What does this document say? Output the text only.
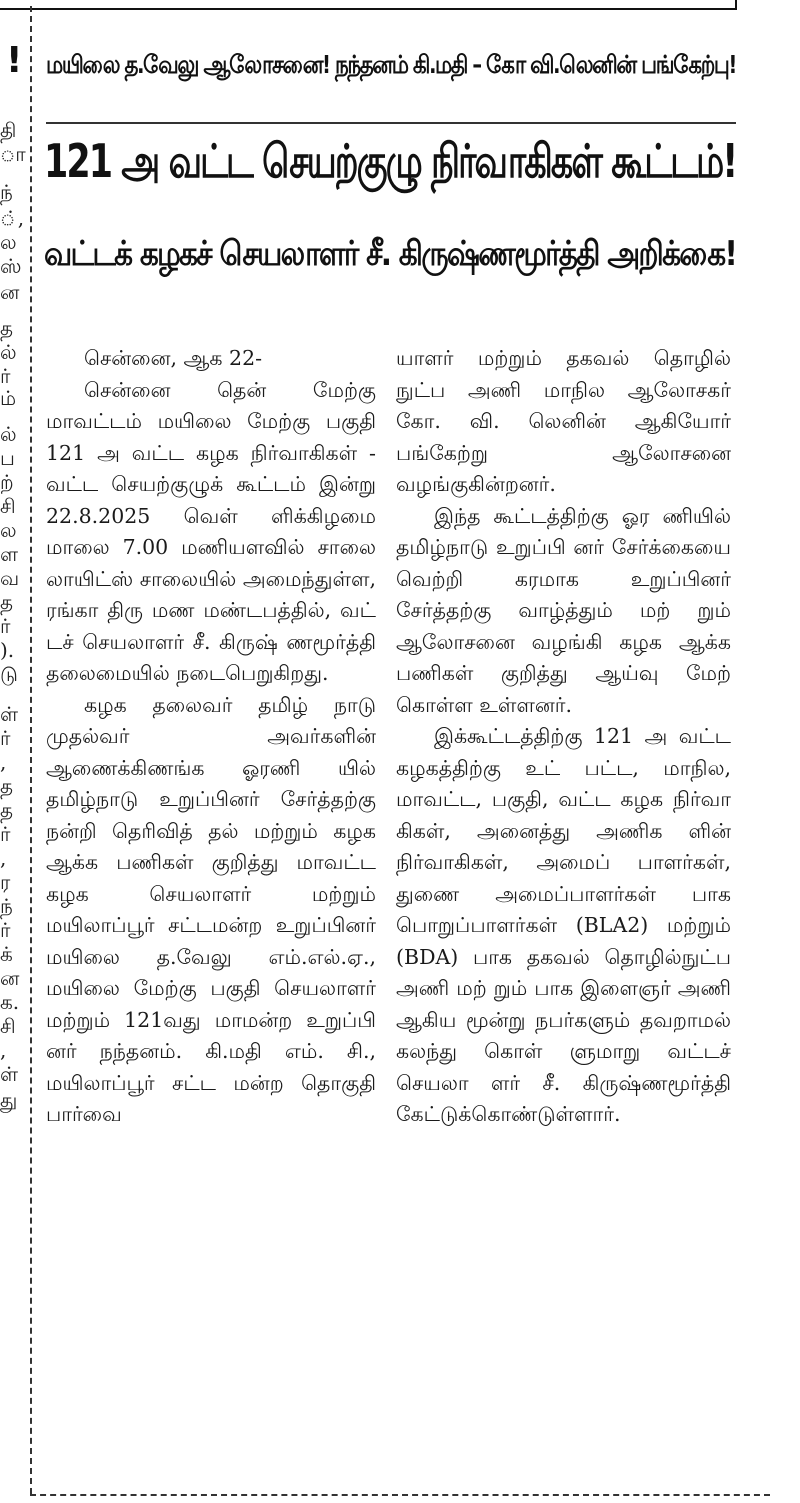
!
தி
ா
ந்
்,
ல
ஸ்
ன
த
ல்
ர்
ம்
ல்
ப
ற்
சி
ல
ள
வ
த
ர்
).
டு
ள்
ர்
,
த
த
ர்
,
ர
ந்
ர்
க்
ன
க.
சி
,
ள்
து
மயிலை த.வேலு ஆலோசனை! நந்தனம் கி.மதி – கோ வி.லெனின் பங்கேற்பு!
121 அ வட்ட செயற்குழு நிர்வாகிகள் கூட்டம்!
வட்டக் கழகச் செயலாளர் சீ. கிருஷ்ணமூர்த்தி அறிக்கை!

சென்னை, ஆக 22-

சென்னை தென் மேற்கு மாவட்டம் மயிலை மேற்கு பகுதி 121 அ வட்ட கழக நிர்வாகிகள் - வட்ட செயற்குழுக் கூட்டம் இன்று 22.8.2025 வெள் ளிக்கிழமை மாலை 7.00 மணியளவில் சாலை லாயிட்ஸ் சாலையில் அமைந்துள்ள, ரங்கா திரு மண மண்டபத்தில், வட் டச் செயலாளர் சீ. கிருஷ் ணமூர்த்தி தலைமையில் நடைபெறுகிறது.

கழக தலைவர் தமிழ் நாடு முதல்வர் அவர்களின் ஆணைக்கிணங்க ஓரணி யில் தமிழ்நாடு உறுப்பினர் சேர்த்தற்கு நன்றி தெரிவித் தல் மற்றும் கழக ஆக்க பணிகள் குறித்து மாவட்ட கழக செயலாளர் மற்றும் மயிலாப்பூர் சட்டமன்ற உறுப்பினர் மயிலை த.வேலு எம்.எல்.ஏ., மயிலை மேற்கு பகுதி செயலாளர் மற்றும் 121வது மாமன்ற உறுப்பி னர் நந்தனம். கி.மதி எம். சி., மயிலாப்பூர் சட்ட மன்ற தொகுதி பார்வை

யாளர் மற்றும் தகவல் தொழில் நுட்ப அணி மாநில ஆலோசகர் கோ. வி. லெனின் ஆகியோர் பங்கேற்று ஆலோசனை வழங்குகின்றனர்.

இந்த கூட்டத்திற்கு ஓர ணியில் தமிழ்நாடு உறுப்பி னர் சேர்க்கையை வெற்றி கரமாக உறுப்பினர் சேர்த்தற்கு வாழ்த்தும் மற் றும் ஆலோசனை வழங்கி கழக ஆக்க பணிகள் குறித்து ஆய்வு மேற் கொள்ள உள்ளனர்.

இக்கூட்டத்திற்கு 121 அ வட்ட கழகத்திற்கு உட் பட்ட, மாநில, மாவட்ட, பகுதி, வட்ட கழக நிர்வா கிகள், அனைத்து அணிக ளின் நிர்வாகிகள், அமைப் பாளர்கள், துணை அமைப்பாளர்கள் பாக பொறுப்பாளர்கள் (BLA2) மற்றும் (BDA) பாக தகவல் தொழில்நுட்ப அணி மற் றும் பாக இளைஞர் அணி ஆகிய மூன்று நபர்களும் தவறாமல் கலந்து கொள் ளுமாறு வட்டச் செயலா ளர் சீ. கிருஷ்ணமூர்த்தி கேட்டுக்கொண்டுள்ளார்.
